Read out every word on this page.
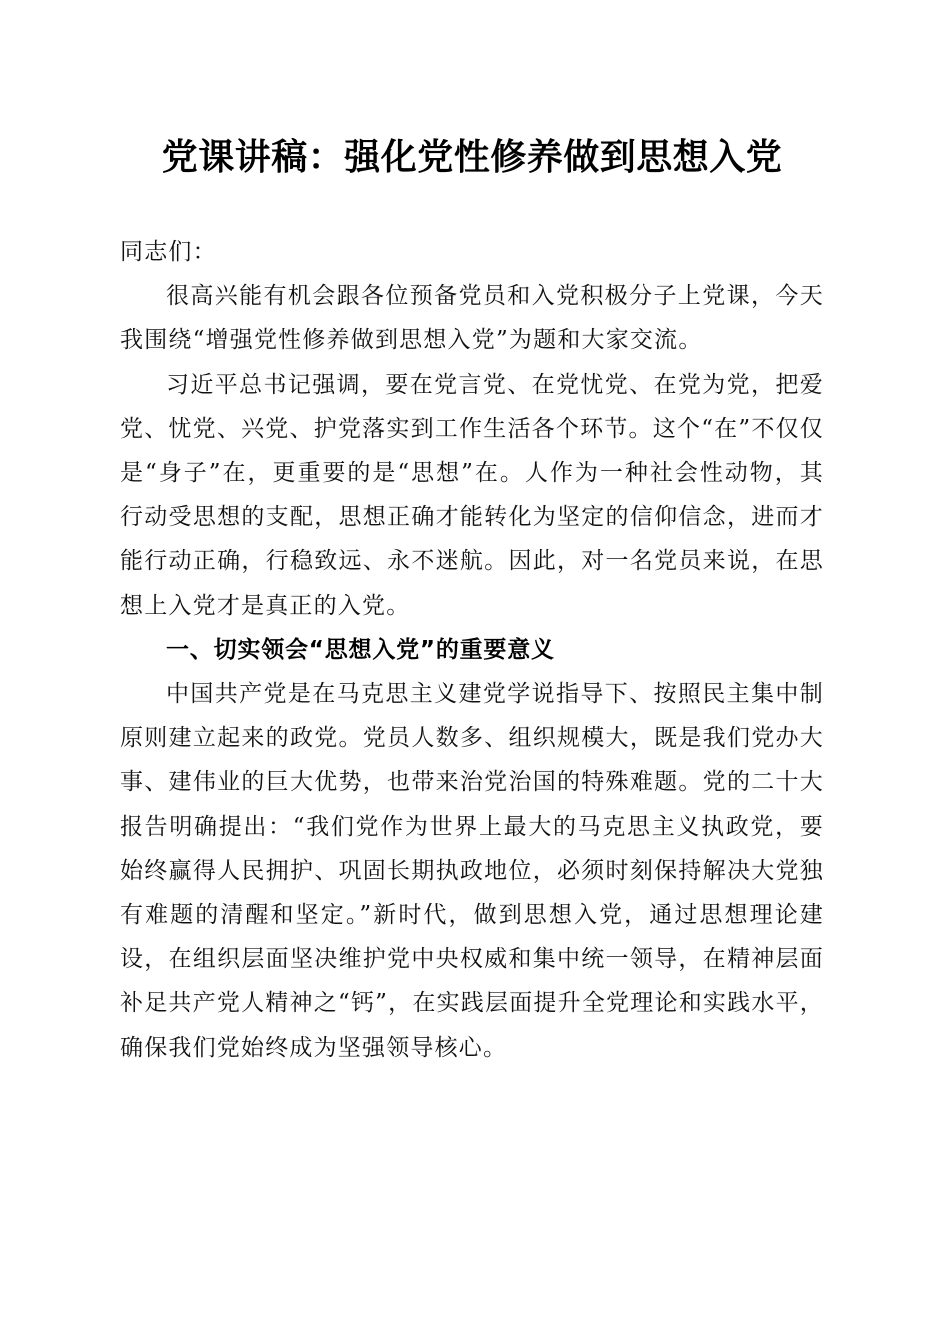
党课讲稿：强化党性修养做到思想入党

同志们：

很高兴能有机会跟各位预备党员和入党积极分子上党课，今天我围绕“增强党性修养做到思想入党”为题和大家交流。

习近平总书记强调，要在党言党、在党忧党、在党为党，把爱党、忧党、兴党、护党落实到工作生活各个环节。这个“在”不仅仅是“身子”在，更重要的是“思想”在。人作为一种社会性动物，其行动受思想的支配，思想正确才能转化为坚定的信仰信念，进而才能行动正确，行稳致远、永不迷航。因此，对一名党员来说，在思想上入党才是真正的入党。

一、切实领会“思想入党”的重要意义

中国共产党是在马克思主义建党学说指导下、按照民主集中制原则建立起来的政党。党员人数多、组织规模大，既是我们党办大事、建伟业的巨大优势，也带来治党治国的特殊难题。党的二十大报告明确提出：“我们党作为世界上最大的马克思主义执政党，要始终赢得人民拥护、巩固长期执政地位，必须时刻保持解决大党独有难题的清醒和坚定。”新时代，做到思想入党，通过思想理论建设，在组织层面坚决维护党中央权威和集中统一领导，在精神层面补足共产党人精神之“钙”，在实践层面提升全党理论和实践水平，确保我们党始终成为坚强领导核心。
